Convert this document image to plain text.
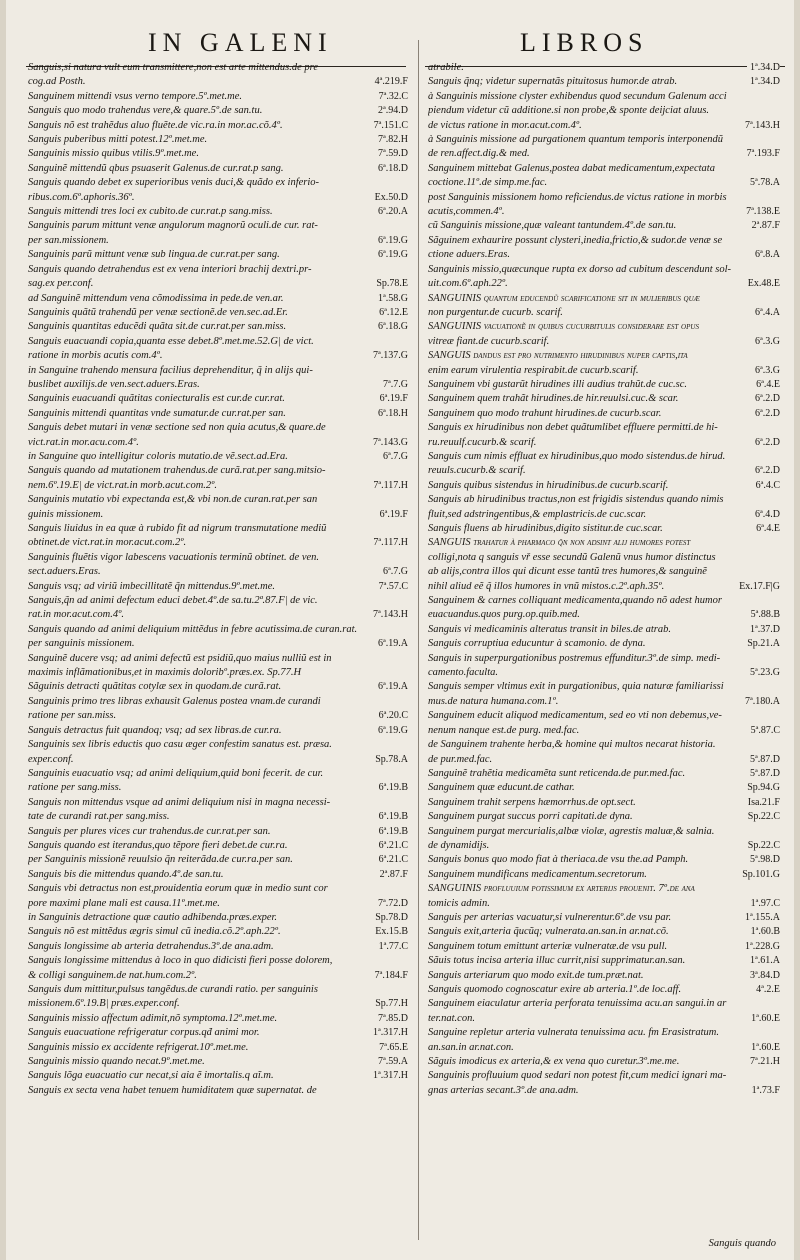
IN GALENI	LIBROS
Sanguis,si natura vult eum transmittere,non est arte mittendus.de pre
cog.ad Posth.	4ª.219.F
Sanguinem mittendi vsus verno tempore.5º.met.me.	7ª.32.C
Sanguis quo modo trahendus vere,& quare.5º.de san.tu.	2ª.94.D
Sanguis nõ est trahẽdus aluo fluẽte.de vic.ra.in mor.ac.cõ.4º.	7ª.151.C
Sanguis puberibus mitti potest.12º.met.me.	7ª.82.H
Sanguinis missio quibus vtilis.9º.met.me.	7ª.59.D
Sanguinẽ mittendũ qbus psuaserit Galenus.de cur.rat.p sang.	6ª.18.D
Sanguis quando debet ex superioribus venis duci,& quãdo ex inferio-
ribus.com.6º.aphoris.36º.	Ex.50.D
Sanguis mittendi tres loci ex cubito.de cur.rat.p sang.miss.	6ª.20.A
Sanguinis parum mittunt venæ angulorum magnorũ oculi.de cur. rat-
per san.missionem.	6ª.19.G
Sanguinis parũ mittunt venæ sub lingua.de cur.rat.per sang.	6ª.19.G
Sanguis quando detrahendus est ex vena interiori brachij dextri.pr-
sag.ex per.conf.	Sp.78.E
ad Sanguinẽ mittendum vena cõmodissima in pede.de ven.ar.	1ª.58.G
Sanguinis quãtũ trahendũ per venæ sectionẽ.de ven.sec.ad.Er.	6ª.12.E
Sanguinis quantitas educẽdi quãta sit.de cur.rat.per san.miss.	6ª.18.G
Sanguis euacuandi copia,quanta esse debet.8º.met.me.52.G| de vict.
ratione in morbis acutis com.4º.	7ª.137.G
in Sanguine trahendo mensura facilius deprehenditur, q̃ in alijs qui-
buslibet auxilijs.de ven.sect.aduers.Eras.	7ª.7.G
Sanguinis euacuandi quãtitas coniecturalis est cur.de cur.rat.	6ª.19.F
Sanguinis mittendi quantitas vnde sumatur.de cur.rat.per san.	6ª.18.H
Sanguis debet mutari in venæ sectione sed non quia acutus,& quare.de
vict.rat.in mor.acu.com.4º.	7ª.143.G
in Sanguine quo intelligitur coloris mutatio.de vẽ.sect.ad.Era.	6ª.7.G
Sanguis quando ad mutationem trahendus.de curã.rat.per sang.mitsio-
nem.6º.19.E| de vict.rat.in morb.acut.com.2º.	7ª.117.H
Sanguinis mutatio vbi expectanda est,& vbi non.de curan.rat.per san
guinis missionem.	6ª.19.F
Sanguis liuidus in ea quæ à rubido fit ad nigrum transmutatione mediũ
obtinet.de vict.rat.in mor.acut.com.2º.	7ª.117.H
Sanguinis fluẽtis vigor labescens vacuationis terminũ obtinet. de ven.
sect.aduers.Eras.	6ª.7.G
Sanguis vsq; ad viriũ imbecillitatẽ q̃n mittendus.9º.met.me.	7ª.57.C
Sanguis,q̃n ad animi defectum educi debet.4º.de sa.tu.2ª.87.F| de vic.
rat.in mor.acut.com.4º.	7ª.143.H
Sanguis quando ad animi deliquium mittẽdus in febre acutissima.de curan.rat.
per sanguinis missionem.	6ª.19.A
Sanguinẽ ducere vsq; ad animi defectũ est psidiũ,quo maius nulliũ est in
maximis inflãmationibus,et in maximis doloribº.præs.ex. Sp.77.H
Sãguinis detracti quãtitas cotylæ sex in quodam.de curã.rat.	6ª.19.A
Sanguinis primo tres libras exhausit Galenus postea vnam.de curandi
ratione per san.miss.	6ª.20.C
Sanguis detractus fuit quandoq; vsq; ad sex libras.de cur.ra.	6ª.19.G
Sanguinis sex libris eductis quo casu æger confestim sanatus est. præsa.
exper.conf.	Sp.78.A
Sanguinis euacuatio vsq; ad animi deliquium,quid boni fecerit. de cur.
ratione per sang.miss.	6ª.19.B
Sanguis non mittendus vsque ad animi deliquium nisi in magna necessi-
tate de curandi rat.per sang.miss.	6ª.19.B
Sanguis per plures vices cur trahendus.de cur.rat.per san.	6ª.19.B
Sanguis quando est iterandus,quo tẽpore fieri debet.de cur.ra.	6ª.21.C
per Sanguinis missionẽ reuulsio q̃n reiterãda.de cur.ra.per san.	6ª.21.C
Sanguis bis die mittendus quando.4º.de san.tu.	2ª.87.F
Sanguis vbi detractus non est,prouidentia eorum quæ in medio sunt cor
pore maximi plane mali est causa.11º.met.me.	7ª.72.D
in Sanguinis detractione quæ cautio adhibenda.præs.exper.	Sp.78.D
Sanguis nõ est mittẽdus ægris simul cũ inedia.cõ.2º.aph.22º.	Ex.15.B
Sanguis longissime ab arteria detrahendus.3º.de ana.adm.	1ª.77.C
Sanguis longissime mittendus à loco in quo didicisti fieri posse dolorem,
& colligi sanguinem.de nat.hum.com.2º.	7ª.184.F
Sanguis dum mittitur,pulsus tangẽdus.de curandi ratio. per sanguinis
missionem.6º.19.B| præs.exper.conf.	Sp.77.H
Sanguinis missio affectum adimit,nõ symptoma.12º.met.me.	7ª.85.D
Sanguis euacuatione refrigeratur corpus.qđ animi mor.	1ª.317.H
Sanguinis missio ex accidente refrigerat.10º.met.me.	7ª.65.E
Sanguinis missio quando necat.9º.met.me.	7ª.59.A
Sanguis lõga euacuatio cur necat,si aia ẽ imortalis.q aĩ.m.	1ª.317.H
Sanguis ex secta vena habet tenuem humiditatem quæ supernatat. de
atrabile.	1ª.34.D
Sanguis q̃nq; videtur supernatãs pituitosus humor.de atrab.	1ª.34.D
à Sanguinis missione clyster exhibendus quod secundum Galenum acci
piendum videtur cũ additione.si non probe,& sponte deijciat aluus.
de victus ratione in mor.acut.com.4º.	7ª.143.H
à Sanguinis missione ad purgationem quantum temporis interponendũ
de ren.affect.dig.& med.	7ª.193.F
Sanguinem mittebat Galenus,postea dabat medicamentum,expectata
coctione.11º.de simp.me.fac.	5ª.78.A
post Sanguinis missionem homo reficiendus.de victus ratione in morbis
acutis,commen.4º.	7ª.138.E
cũ Sanguinis missione,quæ valeant tantundem.4º.de san.tu.	2ª.87.F
Sãguinem exhaurire possunt clysteri,inedia,frictio,& sudor.de venæ se
ctione aduers.Eras.	6ª.8.A
Sanguinis missio,quæcunque rupta ex dorso ad cubitum descendunt sol-
uit.com.6º.aph.22º.	Ex.48.E
SANGUINIS quantum educendũ scarificatione sit in mulieribus quæ
non purgentur.de cucurb. scarif.	6ª.4.A
SANGUINIS vacuationẽ in quibus cucurbitulis considerare est opus
vitreæ fiant.de cucurb.scarif.	6ª.3.G
SANGUIS dandus est pro nutrimento hirudinibus nuper captis,ita
enim earum virulentia respirabit.de cucurb.scarif.	6ª.3.G
Sanguinem vbi gustarũt hirudines illi audius trahũt.de cuc.sc.	6ª.4.E
Sanguinem quem trahãt hirudines.de hir.reuulsi.cuc.& scar.	6ª.2.D
Sanguinem quo modo trahunt hirudines.de cucurb.scar.	6ª.2.D
Sanguis ex hirudinibus non debet quãtumlibet effluere permitti.de hi-
ru.reuulf.cucurb.& scarif.	6ª.2.D
Sanguis cum nimis effluat ex hirudinibus,quo modo sistendus.de hirud.
reuuls.cucurb.& scarif.	6ª.2.D
Sanguis quibus sistendus in hirudinibus.de cucurb.scarif.	6ª.4.C
Sanguis ab hirudinibus tractus,non est frigidis sistendus quando nimis
fluit,sed adstringentibus,& emplastricis.de cuc.scar.	6ª.4.D
Sanguis fluens ab hirudinibus,digito sistitur.de cuc.scar.	6ª.4.E
SANGUIS trahatur à pharmaco q̃n non adsint alij humores potest
colligi,nota q sanguis vř esse secundũ Galenũ vnus humor distinctus
ab alijs,contra illos qui dicunt esse tantũ tres humores,& sanguinẽ
nihil aliud eẽ q̃ illos humores in vnũ mistos.c.2º.aph.35º.	Ex.17.F|G
Sanguinem & carnes colliquant medicamenta,quando nõ adest humor
euacuandus.quos purg.op.quib.med.	5ª.88.B
Sanguis vi medicaminis alteratus transit in biles.de atrab.	1ª.37.D
Sanguis corruptiua educuntur à scamonio. de dyna.	Sp.21.A
Sanguis in superpurgationibus postremus effunditur.3º.de simp. medi-
camento.faculta.	5ª.23.G
Sanguis semper vltimus exit in purgationibus, quia naturæ familiarissi
mus.de natura humana.com.1º.	7ª.180.A
Sanguinem educit aliquod medicamentum, sed eo vti non debemus,ve-
nenum nanque est.de purg. med.fac.	5ª.87.C
de Sanguinem trahente herba,& homine qui multos necarat historia.
de pur.med.fac.	5ª.87.D
Sanguinẽ trahẽtia medicamẽta sunt reticenda.de pur.med.fac.	5ª.87.D
Sanguinem quæ educunt.de cathar.	Sp.94.G
Sanguinem trahit serpens hæmorrhus.de opt.sect.	Isa.21.F
Sanguinem purgat succus porri capitati.de dyna.	Sp.22.C
Sanguinem purgat mercurialis,albæ violæ, agrestis maluæ,& salnia.
de dynamidijs.	Sp.22.C
Sanguis bonus quo modo fiat à theriaca.de vsu the.ad Pamph.	5ª.98.D
Sanguinem mundificans medicamentum.secretorum.	Sp.101.G
SANGUINIS profluuium potissimum ex arterijs prouenit. 7º.de ana
tomicis admin.	1ª.97.C
Sanguis per arterias vacuatur,si vulnerentur.6º.de vsu par.	1ª.155.A
Sanguis exit,arteria q̃ucũq; vulnerata.an.san.in ar.nat.cõ.	1ª.60.B
Sanguinem totum emittunt arteriæ vulneratæ.de vsu pull.	1ª.228.G
Sãuis totus incisa arteria illuc currit,nisi supprimatur.an.san.	1ª.61.A
Sanguis arteriarum quo modo exit.de tum.præt.nat.	3ª.84.D
Sanguis quomodo cognoscatur exire ab arteria.1º.de loc.aff.	4ª.2.E
Sanguinem eiaculatur arteria perforata tenuissima acu.an sangui.in ar
ter.nat.con.	1ª.60.E
Sanguine repletur arteria vulnerata tenuissima acu. fm Erasistratum.
an.san.in ar.nat.con.	1ª.60.E
Sãguis imodicus ex arteria,& ex vena quo curetur.3º.me.me.	7ª.21.H
Sanguinis profluuium quod sedari non potest fit,cum medici ignari ma-
gnas arterias secant.3º.de ana.adm.	1ª.73.F
Sanguis quando
